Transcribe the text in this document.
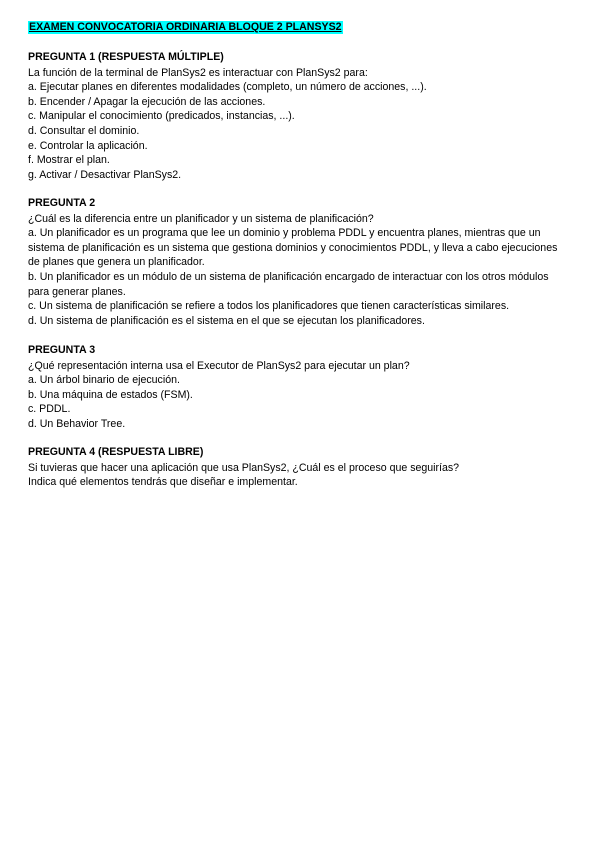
EXAMEN CONVOCATORIA ORDINARIA BLOQUE 2 PLANSYS2
PREGUNTA 1 (RESPUESTA MÚLTIPLE)
La función de la terminal de PlanSys2 es interactuar con PlanSys2 para:
a. Ejecutar planes en diferentes modalidades (completo, un número de acciones, ...).
b. Encender / Apagar la ejecución de las acciones.
c. Manipular el conocimiento (predicados, instancias, ...).
d. Consultar el dominio.
e. Controlar la aplicación.
f. Mostrar el plan.
g. Activar / Desactivar PlanSys2.
PREGUNTA 2
¿Cuál es la diferencia entre un planificador y un sistema de planificación?
a. Un planificador es un programa que lee un dominio y problema PDDL y encuentra planes, mientras que un sistema de planificación es un sistema que gestiona dominios y conocimientos PDDL, y lleva a cabo ejecuciones de planes que genera un planificador.
b. Un planificador es un módulo de un sistema de planificación encargado de interactuar con los otros módulos para generar planes.
c. Un sistema de planificación se refiere a todos los planificadores que tienen características similares.
d. Un sistema de planificación es el sistema en el que se ejecutan los planificadores.
PREGUNTA 3
¿Qué representación interna usa el Executor de PlanSys2 para ejecutar un plan?
a. Un árbol binario de ejecución.
b. Una máquina de estados (FSM).
c. PDDL.
d. Un Behavior Tree.
PREGUNTA 4 (RESPUESTA LIBRE)
Si tuvieras que hacer una aplicación que usa PlanSys2, ¿Cuál es el proceso que seguirías?
Indica qué elementos tendrás que diseñar e implementar.
